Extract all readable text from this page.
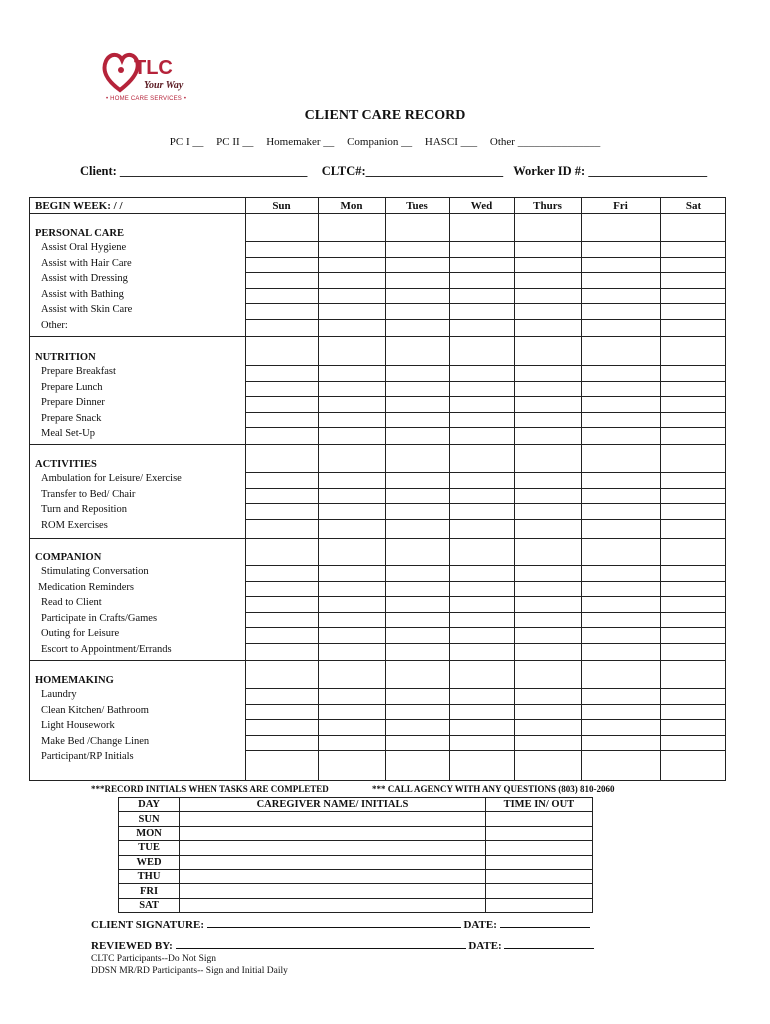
TLC
Your Way
• HOME CARE SERVICES •
CLIENT CARE RECORD
PC I __ PC II __ Homemaker __ Companion __ HASCI ___ Other _______________
Client: ______________________________ CLTC#:______________________ Worker ID #: ___________________
BEGIN WEEK: / /	Sun	Mon	Tues	Wed	Thurs	Fri	Sat
PERSONAL CARE
Assist Oral Hygiene
Assist with Hair Care
Assist with Dressing
Assist with Bathing
Assist with Skin Care
Other:
NUTRITION
Prepare Breakfast
Prepare Lunch
Prepare Dinner
Prepare Snack
Meal Set-Up
ACTIVITIES
Ambulation for Leisure/ Exercise
Transfer to Bed/ Chair
Turn and Reposition
ROM Exercises
COMPANION
Stimulating Conversation
Medication Reminders
Read to Client
Participate in Crafts/Games
Outing for Leisure
Escort to Appointment/Errands
HOMEMAKING
Laundry
Clean Kitchen/ Bathroom
Light Housework
Make Bed /Change Linen
Participant/RP Initials
***RECORD INITIALS WHEN TASKS ARE COMPLETED	*** CALL AGENCY WITH ANY QUESTIONS (803) 810-2060
DAY	CAREGIVER NAME/ INITIALS	TIME IN/ OUT
SUN		
MON		
TUE		
WED		
THU		
FRI		
SAT		
CLIENT SIGNATURE:	DATE:
REVIEWED BY:	DATE:
CLTC Participants--Do Not Sign
DDSN MR/RD Participants-- Sign and Initial Daily
